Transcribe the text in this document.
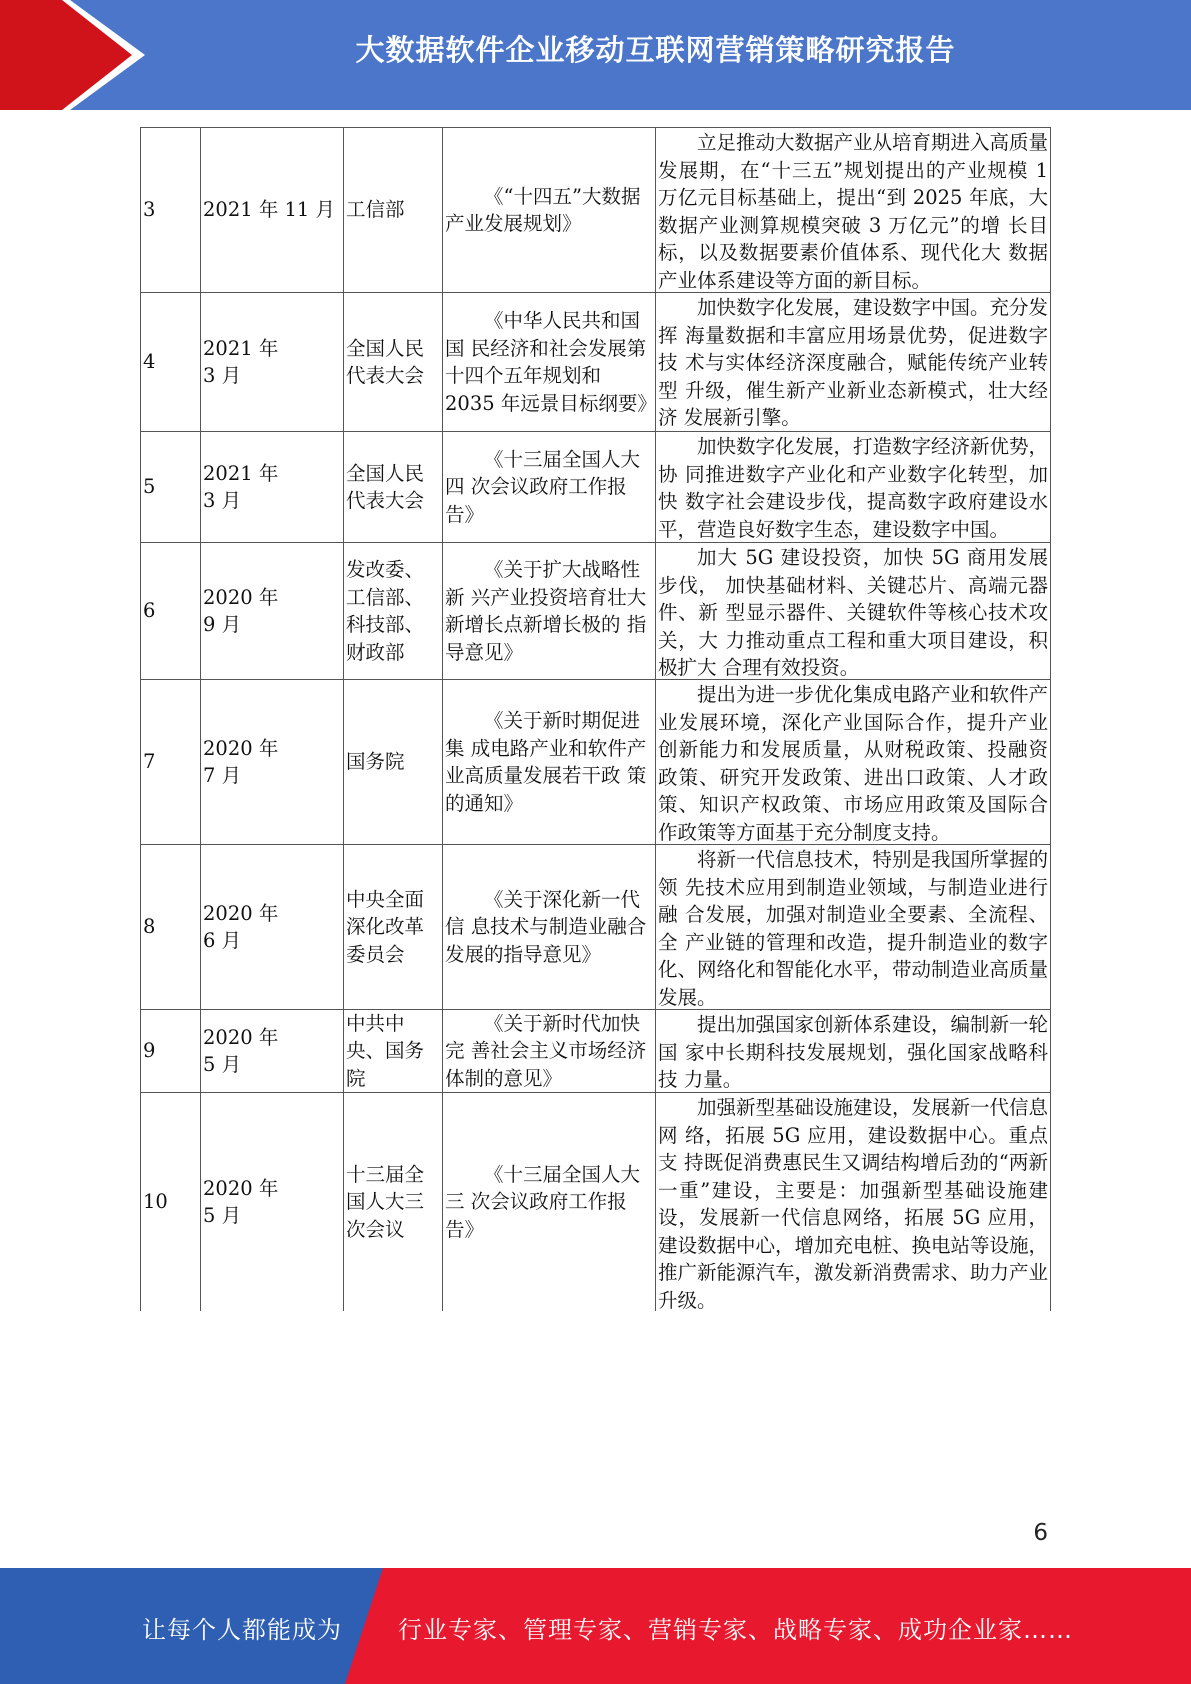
大数据软件企业移动互联网营销策略研究报告
3	2021 年 11 月 工信部
《“十四五”大数据 产业发展规划》
立足推动大数据产业从培育期进入高质量 发展期，在“十三五”规划提出的产业规模 1 万亿元目标基础上，提出“到 2025 年底，大数据产业测算规模突破 3 万亿元”的增 长目标，以及数据要素价值体系、现代化大 数据产业体系建设等方面的新目标。
4
2021 年
3 月
全国人民
代表大会
《中华人民共和国国 民经济和社会发展第十四个五年规划和 2035 年远景目标纲要》
加快数字化发展，建设数字中国。充分发挥 海量数据和丰富应用场景优势，促进数字技 术与实体经济深度融合，赋能传统产业转型 升级，催生新产业新业态新模式，壮大经济 发展新引擎。
5
2021 年
3 月
全国人民
代表大会
《十三届全国人大四 次会议政府工作报告》
加快数字化发展，打造数字经济新优势，协 同推进数字产业化和产业数字化转型，加快 数字社会建设步伐，提高数字政府建设水平，营造良好数字生态，建设数字中国。
6
2020 年
9 月
发改委、
工信部、
科技部、
财政部
《关于扩大战略性新 兴产业投资培育壮大新增长点新增长极的 指导意见》
加大 5G 建设投资，加快 5G 商用发展步伐， 加快基础材料、关键芯片、高端元器件、新 型显示器件、关键软件等核心技术攻关，大 力推动重点工程和重大项目建设，积极扩大 合理有效投资。
7
2020 年
7 月
国务院
《关于新时期促进集 成电路产业和软件产业高质量发展若干政 策的通知》
提出为进一步优化集成电路产业和软件产 业发展环境，深化产业国际合作，提升产业 创新能力和发展质量，从财税政策、投融资 政策、研究开发政策、进出口政策、人才政 策、知识产权政策、市场应用政策及国际合 作政策等方面基于充分制度支持。
8
2020 年
6 月
中央全面
深化改革
委员会
《关于深化新一代信 息技术与制造业融合发展的指导意见》
将新一代信息技术，特别是我国所掌握的领 先技术应用到制造业领域，与制造业进行融 合发展，加强对制造业全要素、全流程、全 产业链的管理和改造，提升制造业的数字化、网络化和智能化水平，带动制造业高质量发展。
9
2020 年
5 月
中共中
央、国务
院
《关于新时代加快完 善社会主义市场经济体制的意见》
提出加强国家创新体系建设，编制新一轮国 家中长期科技发展规划，强化国家战略科技 力量。
10
2020 年
5 月
十三届全
国人大三
次会议
《十三届全国人大三 次会议政府工作报告》
加强新型基础设施建设，发展新一代信息网 络，拓展 5G 应用，建设数据中心。重点支 持既促消费惠民生又调结构增后劲的“两新一重”建设，主要是：加强新型基础设施建设，发展新一代信息网络，拓展 5G 应用，建设数据中心，增加充电桩、换电站等设施，推广新能源汽车，激发新消费需求、助力产业升级。
6
让每个人都能成为 行业专家、管理专家、营销专家、战略专家、成功企业家……
